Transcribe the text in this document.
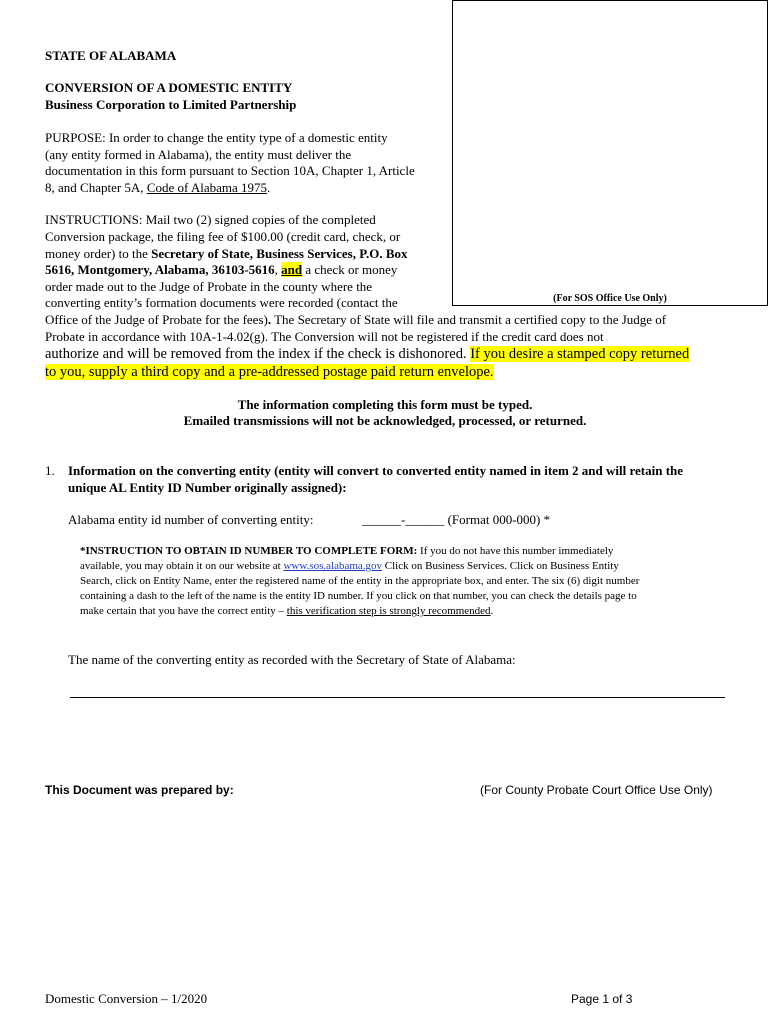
(For SOS Office Use Only)
STATE OF ALABAMA
CONVERSION OF A DOMESTIC ENTITY
Business Corporation to Limited Partnership
PURPOSE: In order to change the entity type of a domestic entity
(any entity formed in Alabama), the entity must deliver the
documentation in this form pursuant to Section 10A, Chapter 1, Article
8, and Chapter 5A, Code of Alabama 1975.
INSTRUCTIONS: Mail two (2) signed copies of the completed
Conversion package, the filing fee of $100.00 (credit card, check, or
money order) to the Secretary of State, Business Services, P.O. Box
5616, Montgomery, Alabama, 36103-5616, and a check or money
order made out to the Judge of Probate in the county where the
converting entity’s formation documents were recorded (contact the
Office of the Judge of Probate for the fees). The Secretary of State will file and transmit a certified copy to the Judge of
Probate in accordance with 10A-1-4.02(g). The Conversion will not be registered if the credit card does not
authorize and will be removed from the index if the check is dishonored. If you desire a stamped copy returned
to you, supply a third copy and a pre-addressed postage paid return envelope.
The information completing this form must be typed.
Emailed transmissions will not be acknowledged, processed, or returned.
1. Information on the converting entity (entity will convert to converted entity named in item 2 and will retain the
unique AL Entity ID Number originally assigned):
Alabama entity id number of converting entity:	______-______ (Format 000-000) *
*INSTRUCTION TO OBTAIN ID NUMBER TO COMPLETE FORM: If you do not have this number immediately
available, you may obtain it on our website at www.sos.alabama.gov Click on Business Services. Click on Business Entity
Search, click on Entity Name, enter the registered name of the entity in the appropriate box, and enter. The six (6) digit number
containing a dash to the left of the name is the entity ID number. If you click on that number, you can check the details page to
make certain that you have the correct entity – this verification step is strongly recommended.
The name of the converting entity as recorded with the Secretary of State of Alabama:
This Document was prepared by:	(For County Probate Court Office Use Only)
Domestic Conversion – 1/2020	Page 1 of 3
